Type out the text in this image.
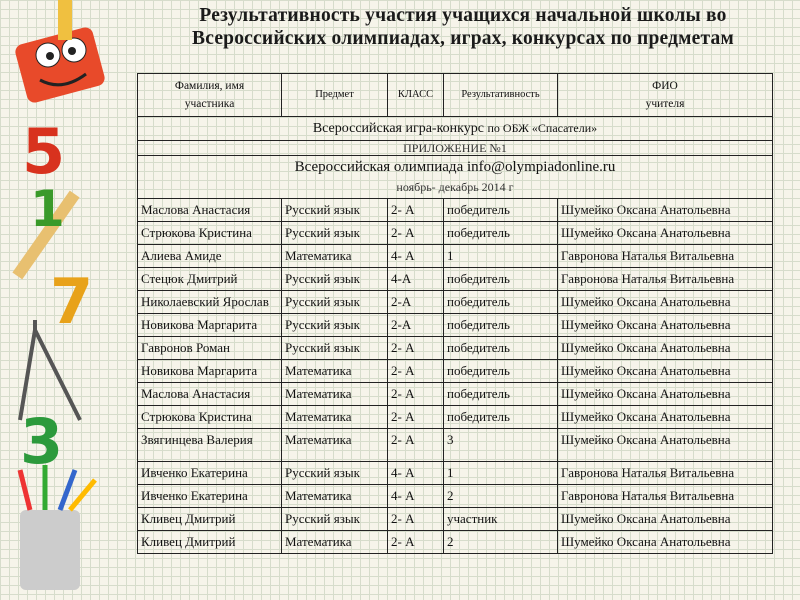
5
1
7
3
Результативность участия учащихся начальной школы во
Всероссийских олимпиадах, играх, конкурсах по предметам
Фамилия, имя
участника	Предмет	КЛАСС	Результативность	ФИО
учителя
Всероссийская игра-конкурс по ОБЖ «Спасатели»				
ПРИЛОЖЕНИЕ №1				

Всероссийская олимпиада info@olympiadonline.ru
ноябрь- декабрь 2014 г				

Маслова Анастасия	Русский язык	2- А	победитель	Шумейко Оксана Анатольевна
Стрюкова Кристина	Русский язык	2- А	победитель	Шумейко Оксана Анатольевна
Алиева Амиде	Математика	4- А	1	Гавронова Наталья Витальевна
Стецюк Дмитрий	Русский язык	4-А	победитель	Гавронова Наталья Витальевна
Николаевский Ярослав	Русский язык	2-А	победитель	Шумейко Оксана Анатольевна
Новикова Маргарита	Русский язык	2-А	победитель	Шумейко Оксана Анатольевна
Гавронов Роман	Русский язык	2- А	победитель	Шумейко Оксана Анатольевна
Новикова Маргарита	Математика	2- А	победитель	Шумейко Оксана Анатольевна
Маслова Анастасия	Математика	2- А	победитель	Шумейко Оксана Анатольевна
Стрюкова Кристина	Математика	2- А	победитель	Шумейко Оксана Анатольевна
Звягинцева Валерия	Математика	2- А	3	Шумейко Оксана Анатольевна
Ивченко Екатерина	Русский язык	4- А	1	Гавронова Наталья Витальевна
Ивченко Екатерина	Математика	4- А	2	Гавронова Наталья Витальевна
Кливец Дмитрий	Русский язык	2- А	участник	Шумейко Оксана Анатольевна
Кливец Дмитрий	Математика	2- А	2	Шумейко Оксана Анатольевна
